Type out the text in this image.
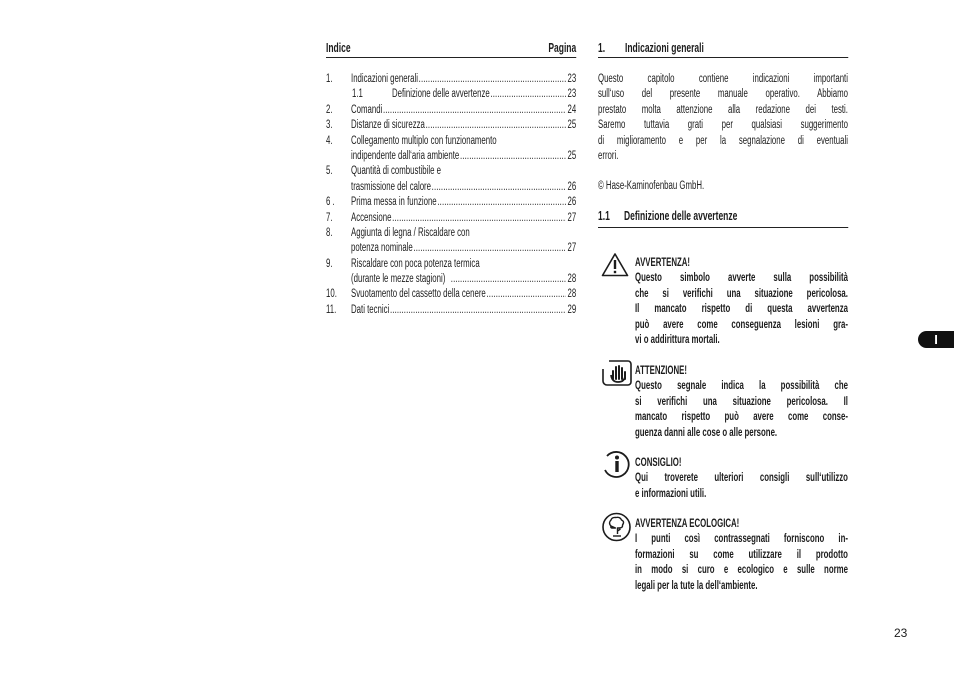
Indice	Pagina
1.	Indicazioni generali .....	23
1.1	Definizione delle avvertenze .....	23
2.	Comandi .....	24
3.	Distanze di sicurezza .....	25
4.	Collegamento multiplo con funzionamento
indipendente dall‘aria ambiente .....	25
5.	Quantità di combustibile e
trasmissione del calore .....	26
6 .	Prima messa in funzione .....	26
7.	Accensione .....	27
8.	Aggiunta di legna / Riscaldare con
potenza nominale .....	27
9.	Riscaldare con poca potenza termica
(durante le mezze stagioni) .....	28
10.	Svuotamento del cassetto della cenere .....	28
11.	Dati tecnici .....	29
1.	Indicazioni generali
Questo capitolo contiene indicazioni importanti
sull‘uso del presente manuale operativo. Abbiamo
prestato molta attenzione alla redazione dei testi.
Saremo tuttavia grati per qualsiasi suggerimento
di miglioramento e per la segnalazione di eventuali
errori.
© Hase-Kaminofenbau GmbH.
1.1	Definizione delle avvertenze
AVVERTENZA!
Questo simbolo avverte sulla possibilità
che si verifichi una situazione pericolosa.
Il mancato rispetto di questa avvertenza
può avere come conseguenza lesioni gra-
vi o addirittura mortali.
ATTENZIONE!
Questo segnale indica la possibilità che
si verifichi una situazione pericolosa. Il
mancato rispetto può avere come conse-
guenza danni alle cose o alle persone.
CONSIGLIO!
Qui troverete ulteriori consigli sull‘utilizzo
e informazioni utili.
AVVERTENZA ECOLOGICA!
I punti così contrassegnati forniscono in-
formazioni su come utilizzare il prodotto
in modo si curo e ecologico e sulle norme
legali per la tute la dell‘ambiente.
I
23
